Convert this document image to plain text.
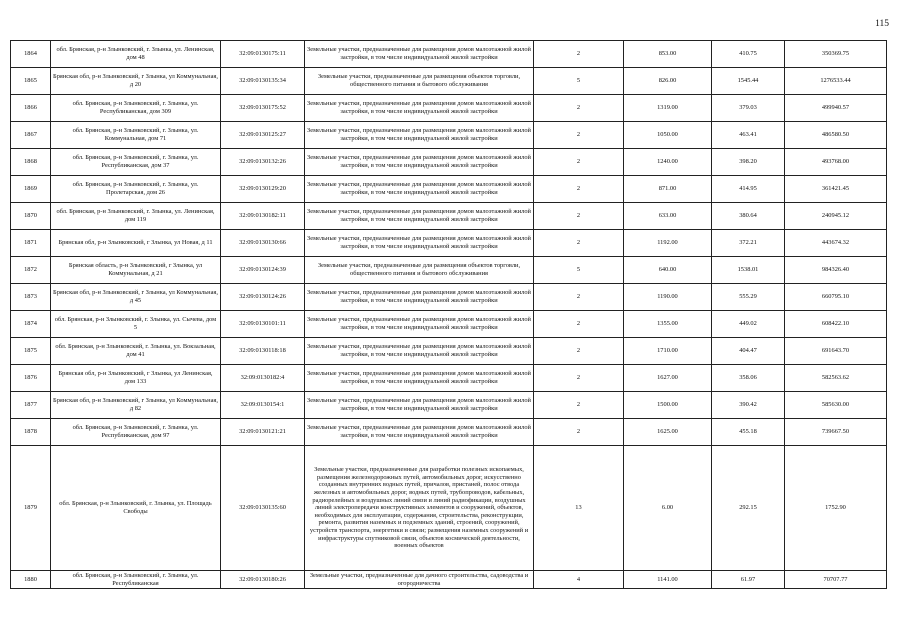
115
1864	обл. Брянская, р-н Злынковский, г. Злынка, ул. Ленинская, дом 48	32:09:0130175:11	Земельные участки, предназначенные для размещения домов малоэтажной жилой застройки, в том числе индивидуальной жилой застройки	2	853.00	410.75	350369.75
1865	Брянская обл, р-н Злынковский, г Злынка, ул Коммунальная, д 20	32:09:0130135:34	Земельные участки, предназначенные для размещения объектов торговли, общественного питания и бытового обслуживания	5	826.00	1545.44	1276533.44
1866	обл. Брянская, р-н Злынковский, г. Злынка, ул. Республиканская, дом 309	32:09:0130175:52	Земельные участки, предназначенные для размещения домов малоэтажной жилой застройки, в том числе индивидуальной жилой застройки	2	1319.00	379.03	499940.57
1867	обл. Брянская, р-н Злынковский, г. Злынка, ул. Коммунальная, дом 71	32:09:0130125:27	Земельные участки, предназначенные для размещения домов малоэтажной жилой застройки, в том числе индивидуальной жилой застройки	2	1050.00	463.41	486580.50
1868	обл. Брянская, р-н Злынковский, г. Злынка, ул. Республиканская, дом 37	32:09:0130132:26	Земельные участки, предназначенные для размещения домов малоэтажной жилой застройки, в том числе индивидуальной жилой застройки	2	1240.00	398.20	493768.00
1869	обл. Брянская, р-н Злынковский, г. Злынка, ул. Пролетарская, дом 26	32:09:0130129:20	Земельные участки, предназначенные для размещения домов малоэтажной жилой застройки, в том числе индивидуальной жилой застройки	2	871.00	414.95	361421.45
1870	обл. Брянская, р-н Злынковский, г. Злынка, ул. Ленинская, дом 119	32:09:0130182:11	Земельные участки, предназначенные для размещения домов малоэтажной жилой застройки, в том числе индивидуальной жилой застройки	2	633.00	380.64	240945.12
1871	Брянская обл, р-н Злынковский, г Злынка, ул Новая, д 11	32:09:0130130:66	Земельные участки, предназначенные для размещения домов малоэтажной жилой застройки, в том числе индивидуальной жилой застройки	2	1192.00	372.21	443674.32
1872	Брянская область, р-н Злынковский, г Злынка, ул Коммунальная, д 21	32:09:0130124:39	Земельные участки, предназначенные для размещения объектов торговли, общественного питания и бытового обслуживания	5	640.00	1538.01	984326.40
1873	Брянская обл, р-н Злынковский, г Злынка, ул Коммунальная, д 45	32:09:0130124:26	Земельные участки, предназначенные для размещения домов малоэтажной жилой застройки, в том числе индивидуальной жилой застройки	2	1190.00	555.29	660795.10
1874	обл. Брянская, р-н Злынковский, г. Злынка, ул. Сычева, дом 5	32:09:0130101:11	Земельные участки, предназначенные для размещения домов малоэтажной жилой застройки, в том числе индивидуальной жилой застройки	2	1355.00	449.02	608422.10
1875	обл. Брянская, р-н Злынковский, г. Злынка, ул. Вокзальная, дом 41	32:09:0130118:18	Земельные участки, предназначенные для размещения домов малоэтажной жилой застройки, в том числе индивидуальной жилой застройки	2	1710.00	404.47	691643.70
1876	Брянская обл, р-н Злынковский, г Злынка, ул Ленинская, дом 133	32:09:0130182:4	Земельные участки, предназначенные для размещения домов малоэтажной жилой застройки, в том числе индивидуальной жилой застройки	2	1627.00	358.06	582563.62
1877	Брянская обл, р-н Злынковский, г Злынка, ул Коммунальная, д 82	32:09:0130154:1	Земельные участки, предназначенные для размещения домов малоэтажной жилой застройки, в том числе индивидуальной жилой застройки	2	1500.00	390.42	585630.00
1878	обл. Брянская, р-н Злынковский, г. Злынка, ул. Республиканская, дом 97	32:09:0130121:21	Земельные участки, предназначенные для размещения домов малоэтажной жилой застройки, в том числе индивидуальной жилой застройки	2	1625.00	455.18	739667.50
1879	обл. Брянская, р-н Злынковский, г. Злынка, ул. Площадь Свободы	32:09:0130135:60	Земельные участки, предназначенные для разработки полезных ископаемых, размещения железнодорожных путей, автомобильных дорог, искусственно созданных внутренних водных путей, причалов, пристаней, полос отвода железных и автомобильных дорог, водных путей, трубопроводов, кабельных, радиорелейных и воздушных линий связи и линий радиофикации, воздушных линий электропередачи конструктивных элементов и сооружений, объектов, необходимых для эксплуатации, содержания, строительства, реконструкции, ремонта, развития наземных и подземных зданий, строений, сооружений, устройств транспорта, энергетики и связи; размещения наземных сооружений и инфраструктуры спутниковой связи, объектов космической деятельности, военных объектов	13	6.00	292.15	1752.90
1880	обл. Брянская, р-н Злынковский, г. Злынка, ул. Республиканская	32:09:0130180:26	Земельные участки, предназначенные для дачного строительства, садоводства и огородничества	4	1141.00	61.97	70707.77
